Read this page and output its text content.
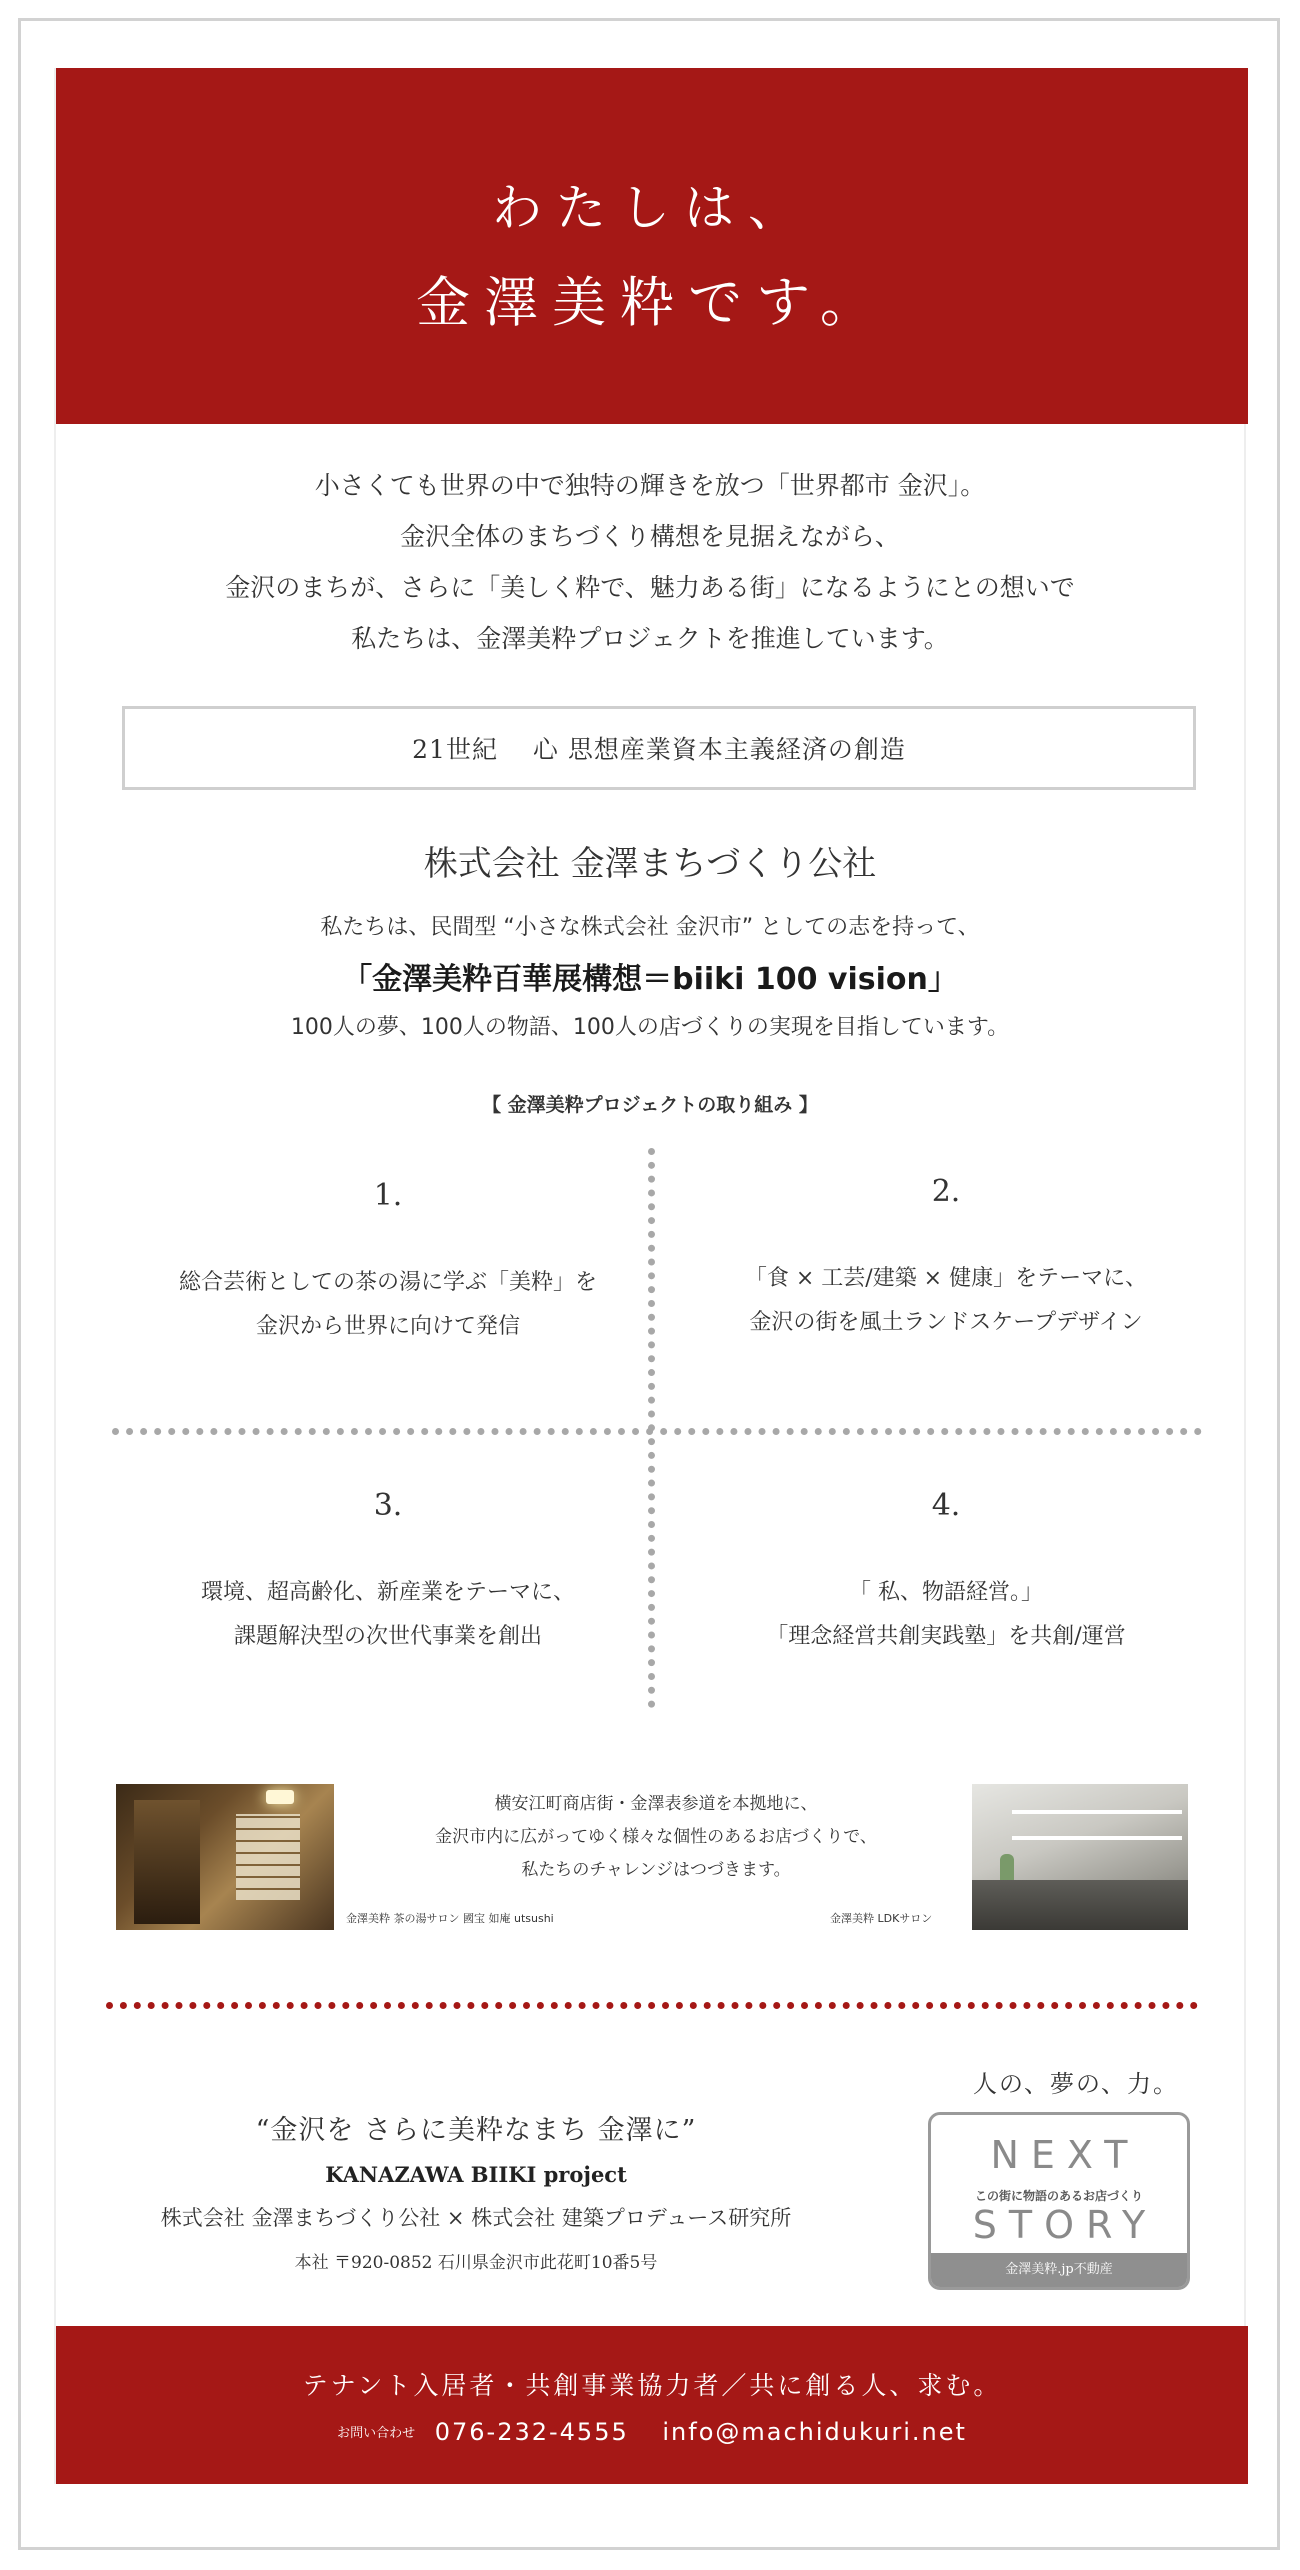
わたしは、
金澤美粋です。

小さくても世界の中で独特の輝きを放つ「世界都市 金沢」。

金沢全体のまちづくり構想を見据えながら、

金沢のまちが、さらに「美しく粋で、魅力ある街」になるようにとの想いで

私たちは、金澤美粋プロジェクトを推進しています。

21世紀　 心 思想産業資本主義経済の創造
株式会社 金澤まちづくり公社
私たちは、民間型 “小さな株式会社 金沢市” としての志を持って、
「金澤美粋百華展構想＝biiki 100 vision」
100人の夢、100人の物語、100人の店づくりの実現を目指しています。
【 金澤美粋プロジェクトの取り組み 】
1.
総合芸術としての茶の湯に学ぶ「美粋」を
金沢から世界に向けて発信
2.
「食 × 工芸/建築 × 健康」をテーマに、
金沢の街を風土ランドスケープデザイン
3.
環境、超高齢化、新産業をテーマに、
課題解決型の次世代事業を創出
4.
「 私、物語経営。」
「理念経営共創実践塾」を共創/運営
金澤美粋 茶の湯サロン 國宝 如庵 utsushi

横安江町商店街・金澤表参道を本拠地に、

金沢市内に広がってゆく様々な個性のあるお店づくりで、

私たちのチャレンジはつづきます。

金澤美粋 LDKサロン
“金沢を さらに美粋なまち 金澤に”
KANAZAWA BIIKI project
株式会社 金澤まちづくり公社 × 株式会社 建築プロデュース研究所
本社 〒920-0852 石川県金沢市此花町10番5号
人の、夢の、力。
NEXT
この街に物語のあるお店づくり
STORY
金澤美粋.jp不動産
テナント入居者・共創事業協力者／共に創る人、求む。
お問い合わせ 076-232-4555 info@machidukuri.net
